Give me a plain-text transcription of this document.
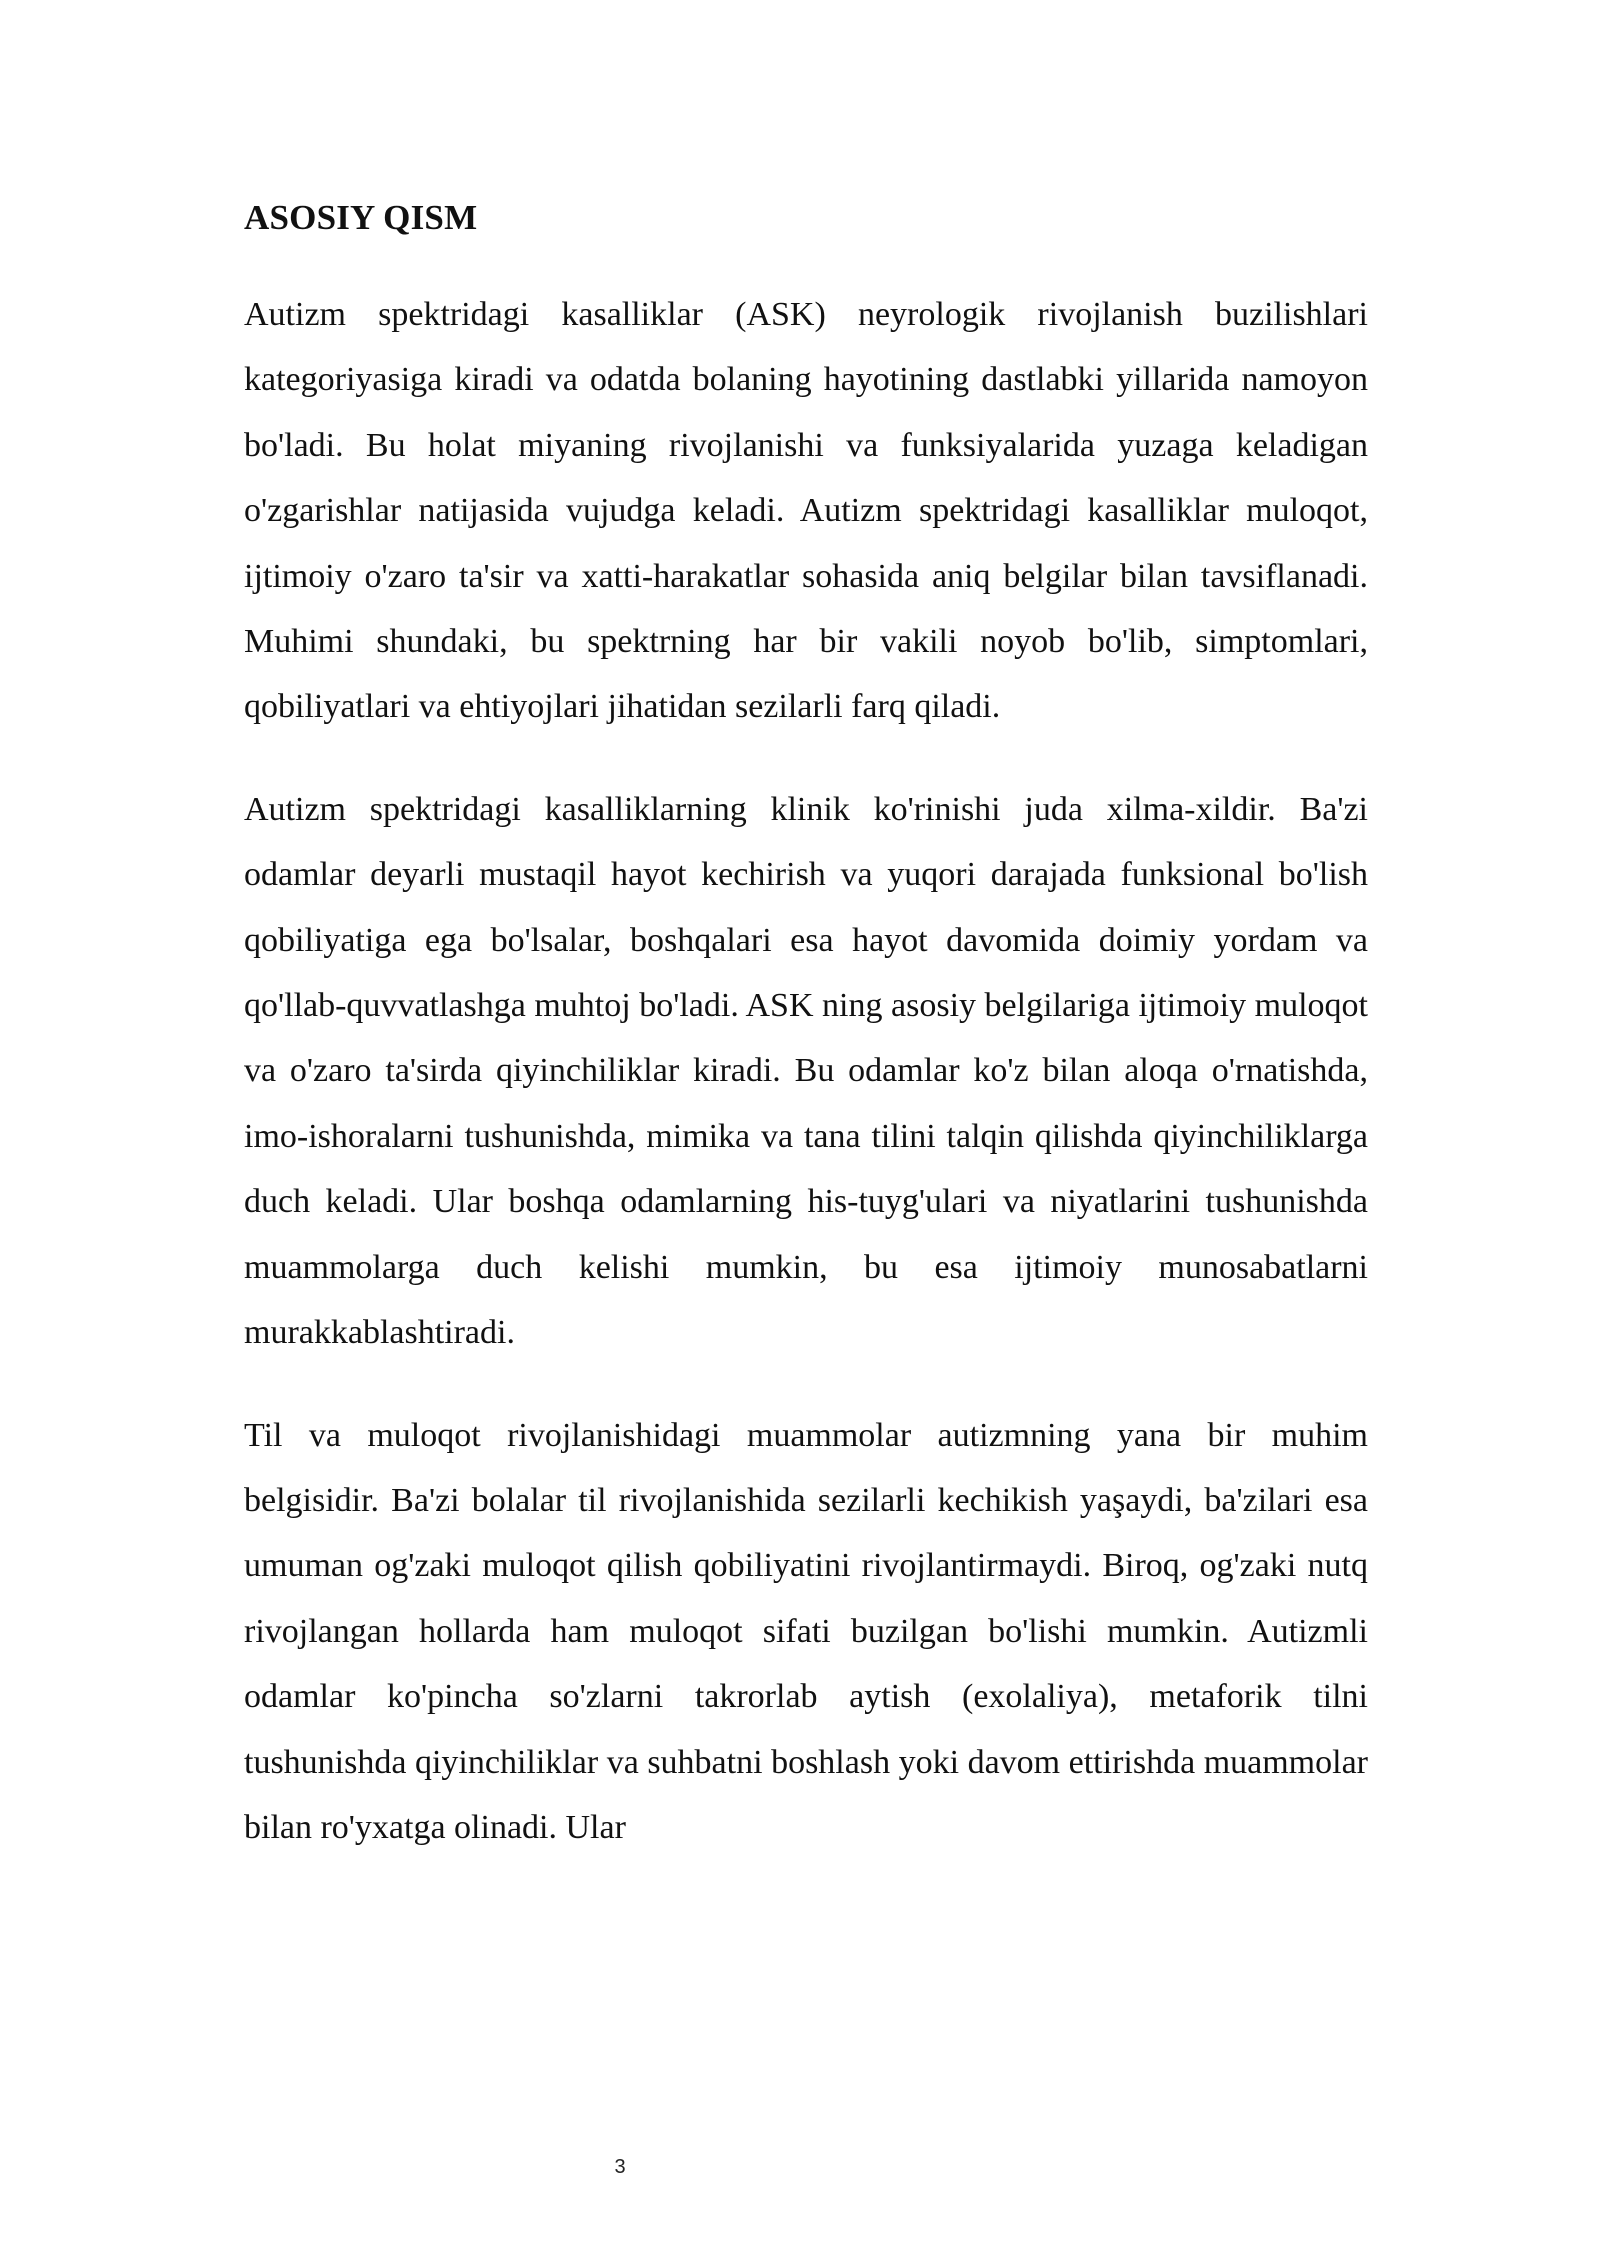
ASOSIY QISM

Autizm spektridagi kasalliklar (ASK) neyrologik rivojlanish buzilishlari kategoriyasiga kiradi va odatda bolaning hayotining dastlabki yillarida namoyon bo'ladi. Bu holat miyaning rivojlanishi va funksiyalarida yuzaga keladigan o'zgarishlar natijasida vujudga keladi. Autizm spektridagi kasalliklar muloqot, ijtimoiy o'zaro ta'sir va xatti-harakatlar sohasida aniq belgilar bilan tavsiflanadi. Muhimi shundaki, bu spektrning har bir vakili noyob bo'lib, simptomlari, qobiliyatlari va ehtiyojlari jihatidan sezilarli farq qiladi.

Autizm spektridagi kasalliklarning klinik ko'rinishi juda xilma-xildir. Ba'zi odamlar deyarli mustaqil hayot kechirish va yuqori darajada funksional bo'lish qobiliyatiga ega bo'lsalar, boshqalari esa hayot davomida doimiy yordam va qo'llab-quvvatlashga muhtoj bo'ladi. ASK ning asosiy belgilariga ijtimoiy muloqot va o'zaro ta'sirda qiyinchiliklar kiradi. Bu odamlar ko'z bilan aloqa o'rnatishda, imo-ishoralarni tushunishda, mimika va tana tilini talqin qilishda qiyinchiliklarga duch keladi. Ular boshqa odamlarning his-tuyg'ulari va niyatlarini tushunishda muammolarga duch kelishi mumkin, bu esa ijtimoiy munosabatlarni murakkablashtiradi.

Til va muloqot rivojlanishidagi muammolar autizmning yana bir muhim belgisidir. Ba'zi bolalar til rivojlanishida sezilarli kechikish yaşaydi, ba'zilari esa umuman og'zaki muloqot qilish qobiliyatini rivojlantirmaydi. Biroq, og'zaki nutq rivojlangan hollarda ham muloqot sifati buzilgan bo'lishi mumkin. Autizmli odamlar ko'pincha so'zlarni takrorlab aytish (exolaliya), metaforik tilni tushunishda qiyinchiliklar va suhbatni boshlash yoki davom ettirishda muammolar bilan ro'yxatga olinadi. Ular

3
